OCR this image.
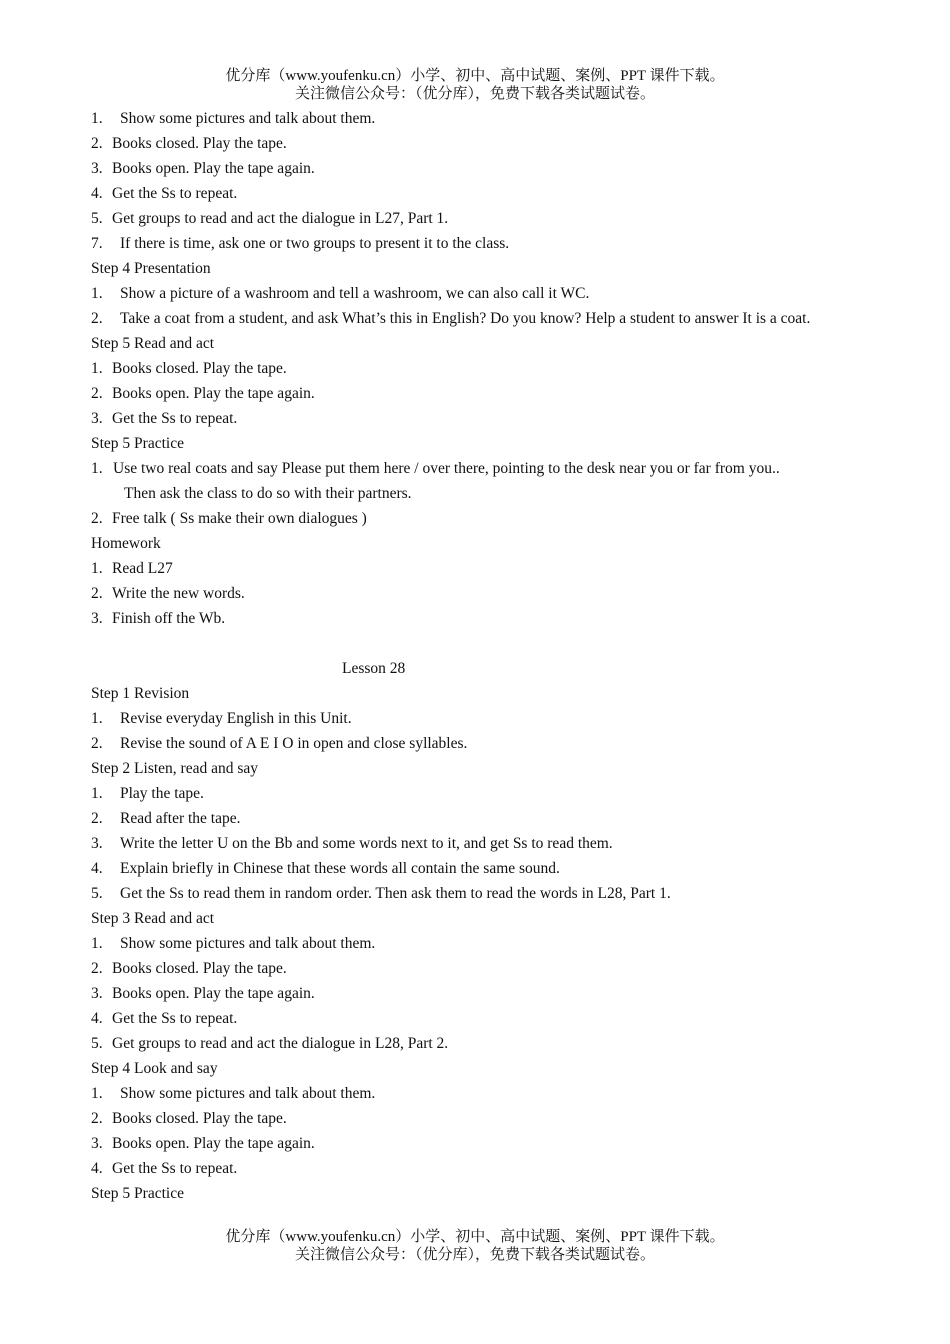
优分库（www.youfenku.cn）小学、初中、高中试题、案例、PPT 课件下载。
关注微信公众号：（优分库），免费下载各类试题试卷。
1. Show some pictures and talk about them.
2. Books closed. Play the tape.
3. Books open. Play the tape again.
4. Get the Ss to repeat.
5. Get groups to read and act the dialogue in L27, Part 1.
7. If there is time, ask one or two groups to present it to the class.
Step 4 Presentation
1. Show a picture of a washroom and tell a washroom, we can also call it WC.
2.	Take a coat from a student, and ask What’s this in English? Do you know? Help a student to answer It is a coat.
Step 5 Read and act
1. Books closed. Play the tape.
2. Books open. Play the tape again.
3. Get the Ss to repeat.
Step 5 Practice
1. Use two real coats and say Please put them here / over there, pointing to the desk near you or far from you..
Then ask the class to do so with their partners.
2. Free talk ( Ss make their own dialogues )
Homework
1. Read L27
2. Write the new words.
3. Finish off the Wb.
Lesson 28
Step 1 Revision
1. Revise everyday English in this Unit.
2. Revise the sound of A E I O in open and close syllables.
Step 2 Listen, read and say
1. Play the tape.
2. Read after the tape.
3. Write the letter U on the Bb and some words next to it, and get Ss to read them.
4. Explain briefly in Chinese that these words all contain the same sound.
5. Get the Ss to read them in random order. Then ask them to read the words in L28, Part 1.
Step 3 Read and act
1. Show some pictures and talk about them.
2. Books closed. Play the tape.
3. Books open. Play the tape again.
4. Get the Ss to repeat.
5. Get groups to read and act the dialogue in L28, Part 2.
Step 4 Look and say
1. Show some pictures and talk about them.
2. Books closed. Play the tape.
3. Books open. Play the tape again.
4. Get the Ss to repeat.
Step 5 Practice
优分库（www.youfenku.cn）小学、初中、高中试题、案例、PPT 课件下载。
关注微信公众号：（优分库），免费下载各类试题试卷。
